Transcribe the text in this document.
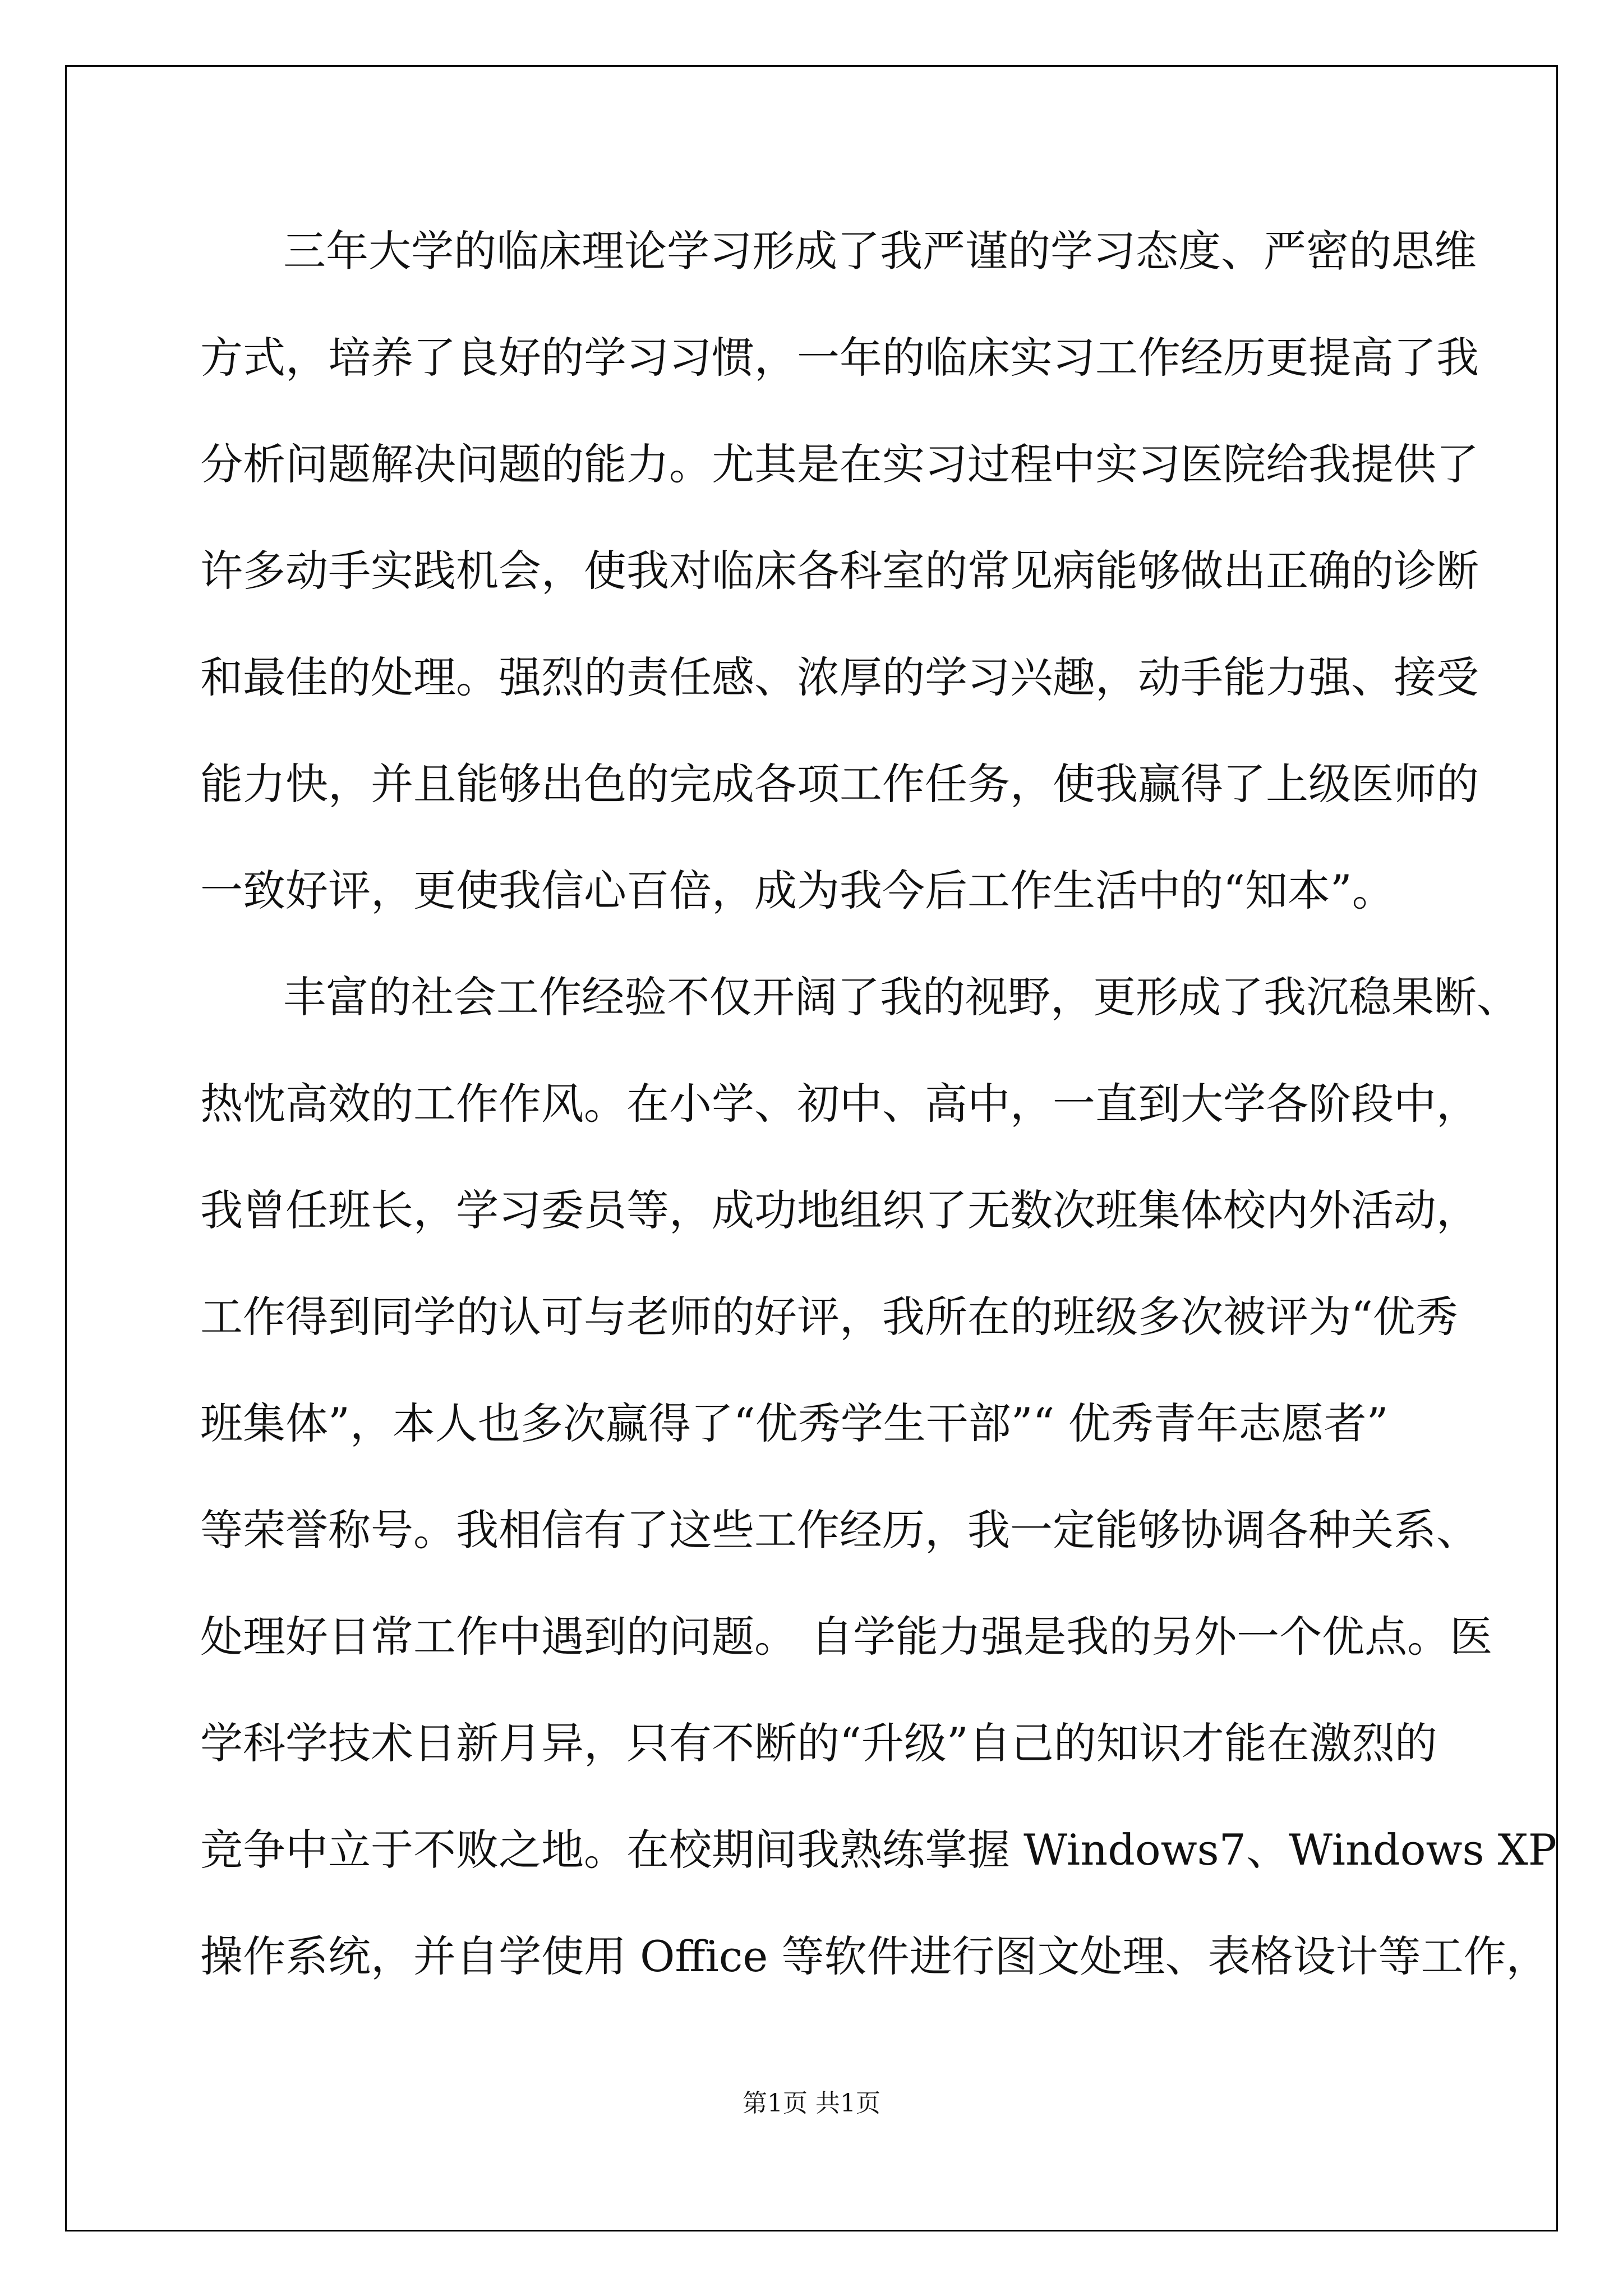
三年大学的临床理论学习形成了我严谨的学习态度、严密的思维
方式，培养了良好的学习习惯，一年的临床实习工作经历更提高了我
分析问题解决问题的能力。尤其是在实习过程中实习医院给我提供了
许多动手实践机会，使我对临床各科室的常见病能够做出正确的诊断
和最佳的处理。强烈的责任感、浓厚的学习兴趣，动手能力强、接受
能力快，并且能够出色的完成各项工作任务，使我赢得了上级医师的
一致好评，更使我信心百倍，成为我今后工作生活中的“知本”。
丰富的社会工作经验不仅开阔了我的视野，更形成了我沉稳果断、
热忱高效的工作作风。在小学、初中、高中，一直到大学各阶段中，
我曾任班长，学习委员等，成功地组织了无数次班集体校内外活动，
工作得到同学的认可与老师的好评，我所在的班级多次被评为“优秀
班集体”，本人也多次赢得了“优秀学生干部”“ 优秀青年志愿者”
等荣誉称号。我相信有了这些工作经历，我一定能够协调各种关系、
处理好日常工作中遇到的问题。 自学能力强是我的另外一个优点。医
学科学技术日新月异，只有不断的“升级”自己的知识才能在激烈的
竞争中立于不败之地。在校期间我熟练掌握 Windows7、Windows XP
操作系统，并自学使用 Office 等软件进行图文处理、表格设计等工作，
第1页 共1页
